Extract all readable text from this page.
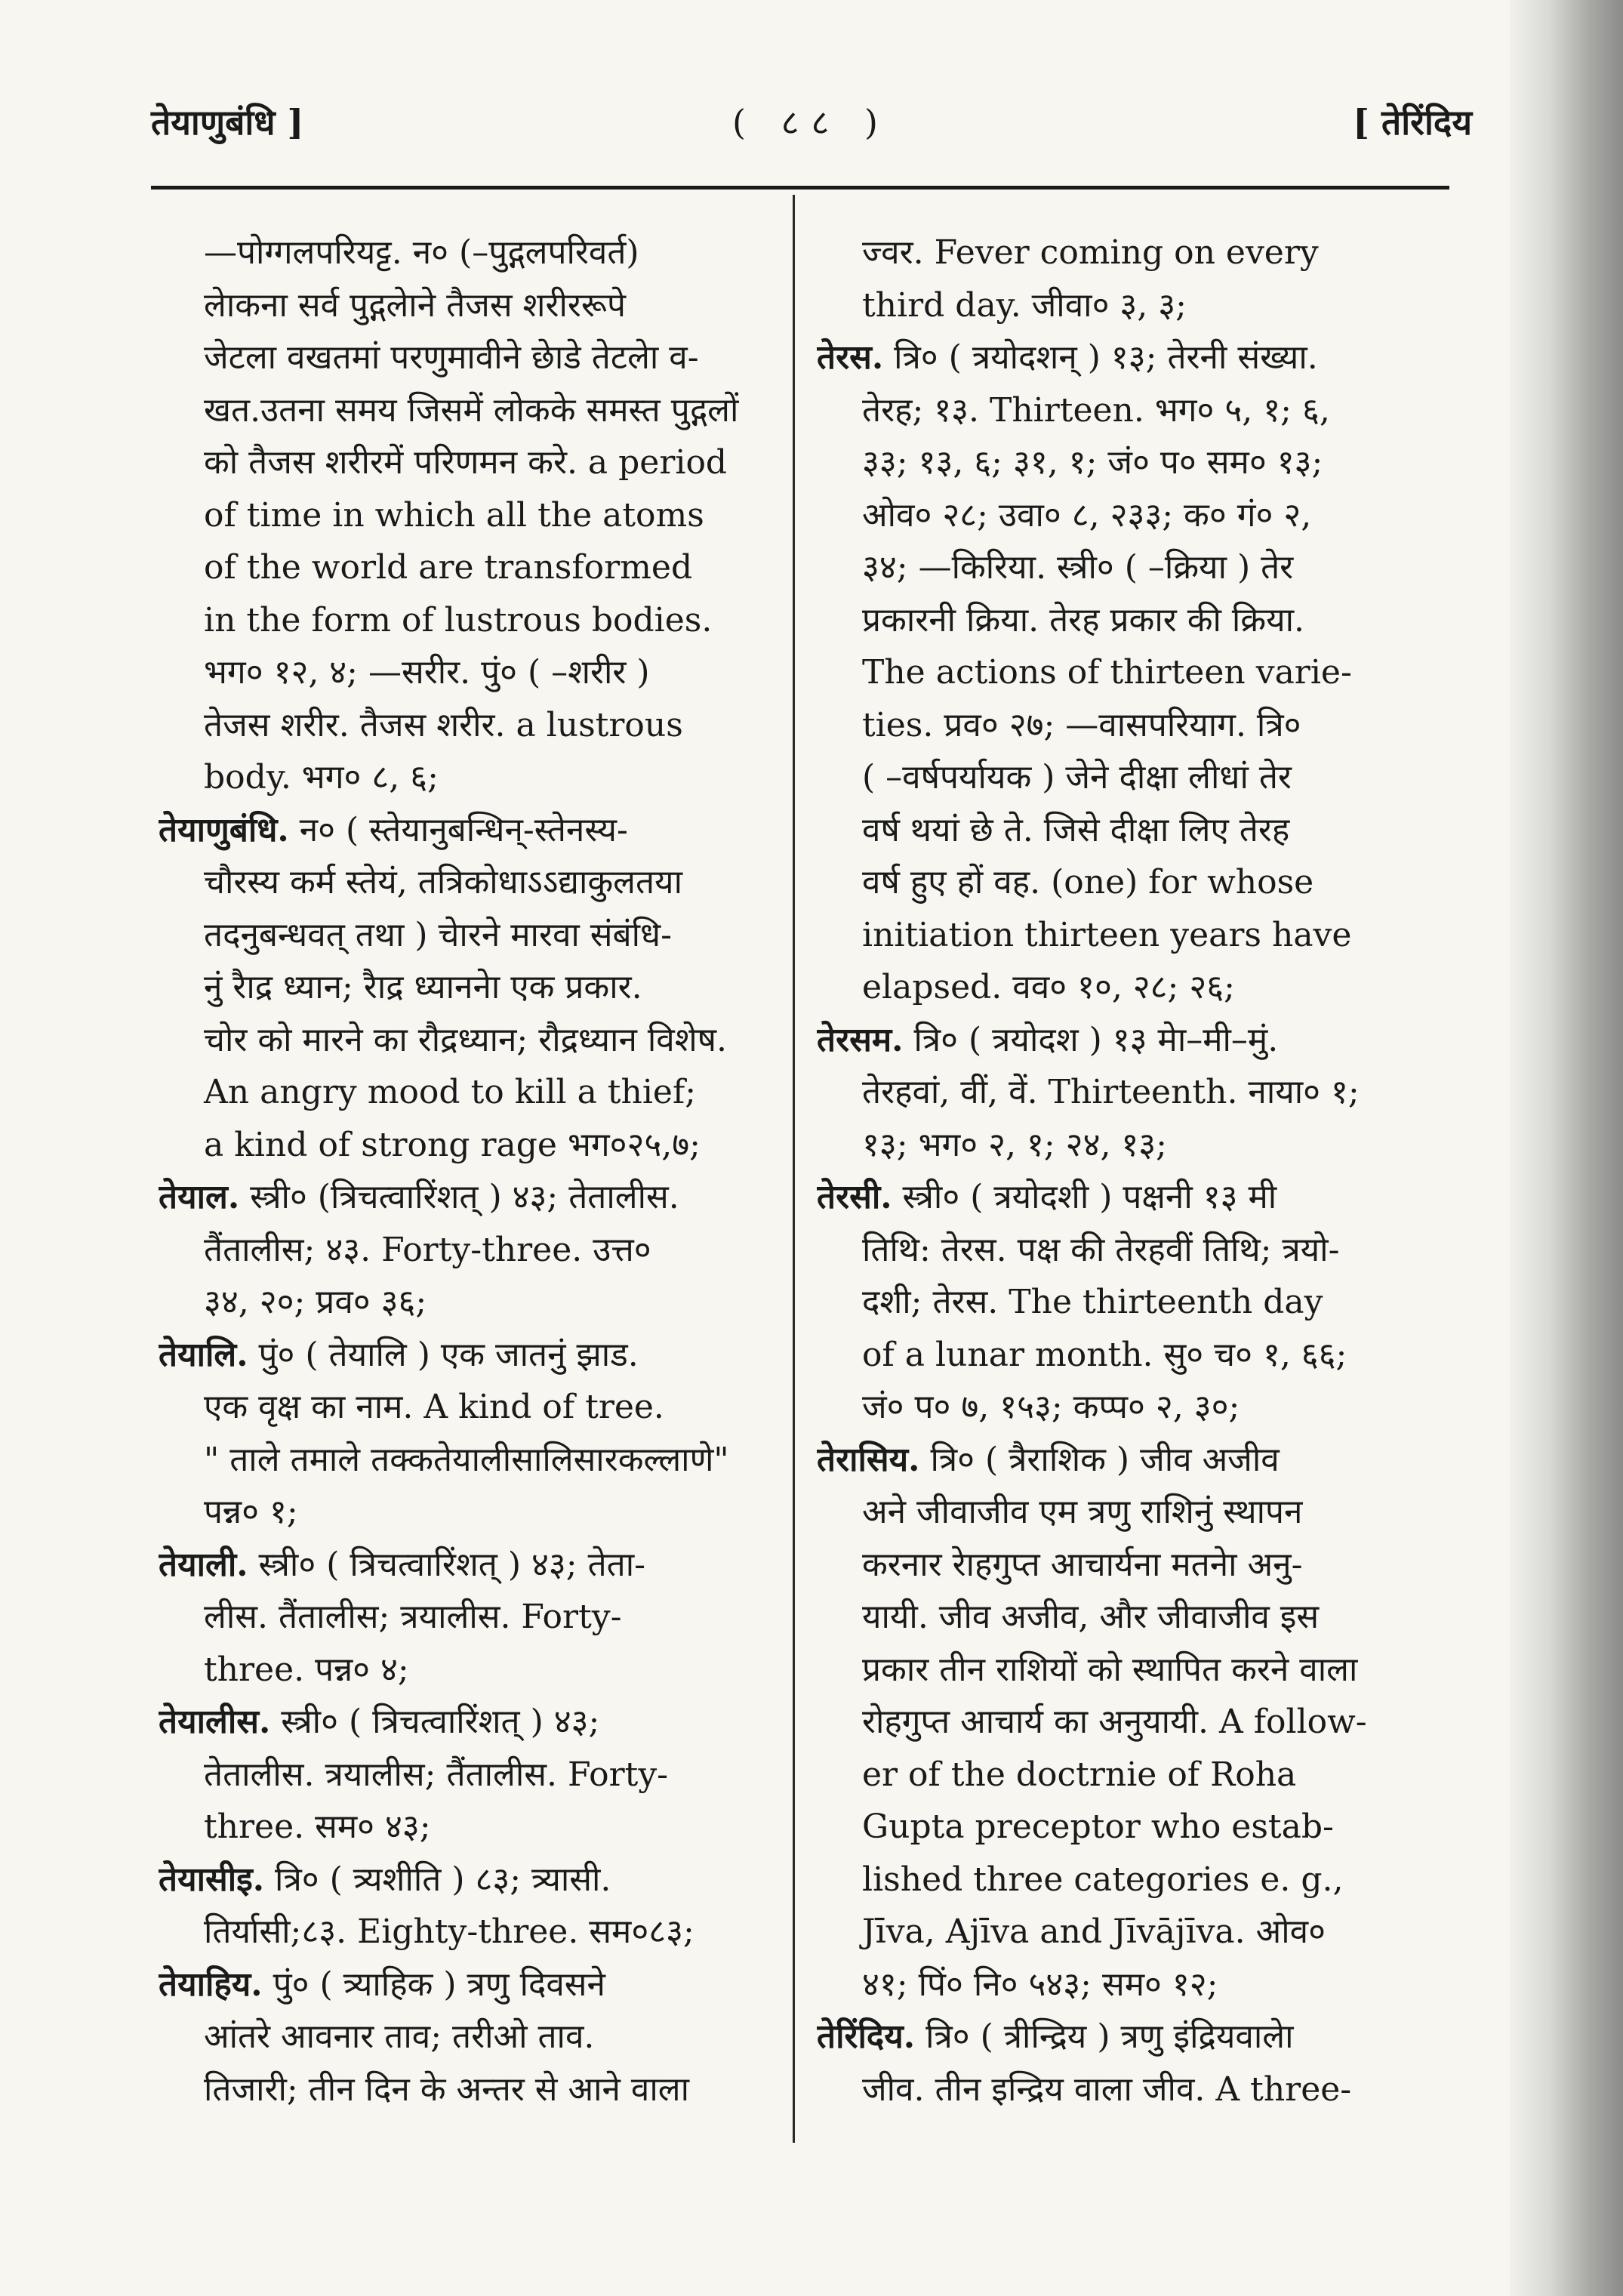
तेयाणुबंधि ]	( ८८ )	[ तेरिंदिय
—पोग्गलपरियट्ट. न० (–पुद्गलपरिवर्त)
लेाकना सर्व पुद्गलेाने तैजस शरीररूपे
जेटला वखतमां परणुमावीने छेाडे तेटलेा व-
खत.उतना समय जिसमें लोकके समस्त पुद्गलों
को तैजस शरीरमें परिणमन करे. a period
of time in which all the atoms
of the world are transformed
in the form of lustrous bodies.
भग० १२, ४; —सरीर. पुं० ( –शरीर )
तेजस शरीर. तैजस शरीर. a lustrous
body. भग० ८, ६;
तेयाणुबंधि. न० ( स्तेयानुबन्धिन्-स्तेनस्य-
चौरस्य कर्म स्तेयं, तत्रिकोधाऽऽद्याकुलतया
तदनुबन्धवत् तथा ) चेारने मारवा संबंधि-
नुं रैाद्र ध्यान; रैाद्र ध्याननेा एक प्रकार.
चोर को मारने का रौद्रध्यान; रौद्रध्यान विशेष.
An angry mood to kill a thief;
a kind of strong rage भग०२५,७;
तेयाल. स्त्री० (त्रिचत्वारिंशत् ) ४३; तेतालीस.
तैंतालीस; ४३. Forty-three. उत्त०
३४, २०; प्रव० ३६;
तेयालि. पुं० ( तेयालि ) एक जातनुं झाड.
एक वृक्ष का नाम. A kind of tree.
" ताले तमाले तक्कतेयालीसालिसारकल्लाणे"
पन्न० १;
तेयाली. स्त्री० ( त्रिचत्वारिंशत् ) ४३; तेता-
लीस. तैंतालीस; त्रयालीस. Forty-
three. पन्न० ४;
तेयालीस. स्त्री० ( त्रिचत्वारिंशत् ) ४३;
तेतालीस. त्रयालीस; तैंतालीस. Forty-
three. सम० ४३;
तेयासीइ. त्रि० ( त्र्यशीति ) ८३; त्र्यासी.
तिर्यासी;८३. Eighty-three. सम०८३;
तेयाहिय. पुं० ( त्र्याहिक ) त्रणु दिवसने
आंतरे आवनार ताव; तरीओ ताव.
तिजारी; तीन दिन के अन्तर से आने वाला
ज्वर. Fever coming on every
third day. जीवा० ३, ३;
तेरस. त्रि० ( त्रयोदशन् ) १३; तेरनी संख्या.
तेरह; १३. Thirteen. भग० ५, १; ६,
३३; १३, ६; ३१, १; जं० प० सम० १३;
ओव० २८; उवा० ८, २३३; क० गं० २,
३४; —किरिया. स्त्री० ( –क्रिया ) तेर
प्रकारनी क्रिया. तेरह प्रकार की क्रिया.
The actions of thirteen varie-
ties. प्रव० २७; —वासपरियाग. त्रि०
( –वर्षपर्यायक ) जेने दीक्षा लीधां तेर
वर्ष थयां छे ते. जिसे दीक्षा लिए तेरह
वर्ष हुए हों वह. (one) for whose
initiation thirteen years have
elapsed. वव० १०, २८; २६;
तेरसम. त्रि० ( त्रयोदश ) १३ मेा–मी–मुं.
तेरहवां, वीं, वें. Thirteenth. नाया० १;
१३; भग० २, १; २४, १३;
तेरसी. स्त्री० ( त्रयोदशी ) पक्षनी १३ मी
तिथि: तेरस. पक्ष की तेरहवीं तिथि; त्रयो-
दशी; तेरस. The thirteenth day
of a lunar month. सु० च० १, ६६;
जं० प० ७, १५३; कप्प० २, ३०;
तेरासिय. त्रि० ( त्रैराशिक ) जीव अजीव
अने जीवाजीव एम त्रणु राशिनुं स्थापन
करनार रेाहगुप्त आचार्यना मतनेा अनु-
यायी. जीव अजीव, और जीवाजीव इस
प्रकार तीन राशियों को स्थापित करने वाला
रोहगुप्त आचार्य का अनुयायी. A follow-
er of the doctrnie of Roha
Gupta preceptor who estab-
lished three categories e. g.,
Jīva, Ajīva and Jīvājīva. ओव०
४१; पिं० नि० ५४३; सम० १२;
तेरिंदिय. त्रि० ( त्रीन्द्रिय ) त्रणु इंद्रियवालेा
जीव. तीन इन्द्रिय वाला जीव. A three-
